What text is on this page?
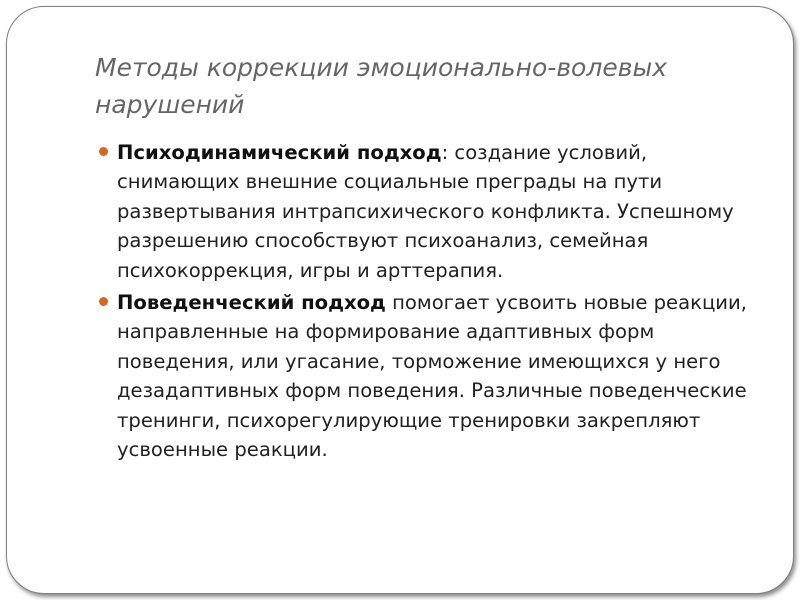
Методы коррекции эмоционально-волевых нарушений
Психодинамический подход: создание условий, снимающих внешние социальные преграды на пути развертывания интрапсихического конфликта. Успешному разрешению способствуют психоанализ, семейная психокоррекция, игры и арттерапия.
Поведенческий подход помогает усвоить новые реакции, направленные на формирование адаптивных форм поведения, или угасание, торможение имеющихся у него дезадаптивных форм поведения. Различные поведенческие тренинги, психорегулирующие тренировки закрепляют усвоенные реакции.
